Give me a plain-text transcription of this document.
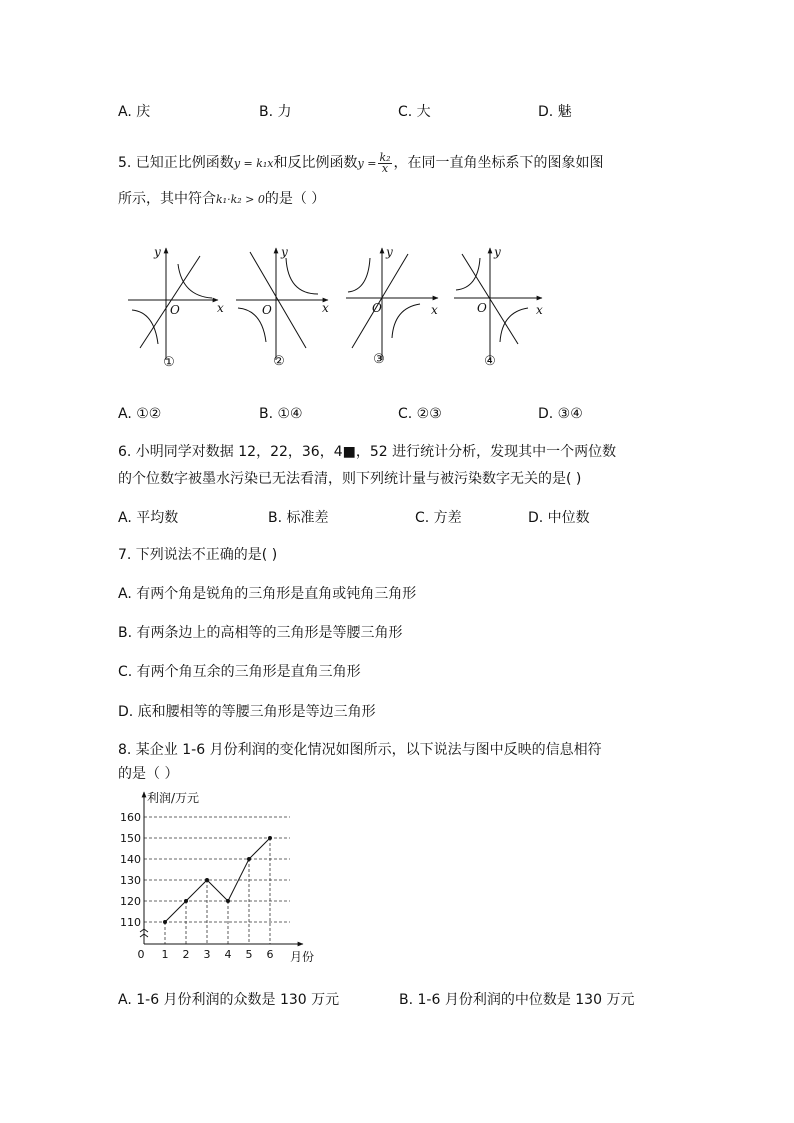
A. 庆	B. 力	C. 大	D. 魅
5. 已知正比例函数y = k₁x和反比例函数$y = \frac{\text{k₂}}{x}$ ，在同一直角坐标系下的图象如图
所示，其中符合k₁·k₂ > 0的是（ ）
y
x
O
y
x
O
y
x
O
y
x
O
①	②	③	④
A. ①②	B. ①④	C. ②③	D. ③④
6. 小明同学对数据 12，22，36，4■，52 进行统计分析，发现其中一个两位数
的个位数字被墨水污染已无法看清，则下列统计量与被污染数字无关的是( )
A. 平均数	B. 标准差	C. 方差	D. 中位数
7. 下列说法不正确的是( )
A. 有两个角是锐角的三角形是直角或钝角三角形
B. 有两条边上的高相等的三角形是等腰三角形
C. 有两个角互余的三角形是直角三角形
D. 底和腰相等的等腰三角形是等边三角形
8. 某企业 1-6 月份利润的变化情况如图所示，以下说法与图中反映的信息相符
的是（ ）
利润/万元
月份
0
110
120
130
140
150
160
1 2 3 4 5 6
A. 1-6 月份利润的众数是 130 万元	B. 1-6 月份利润的中位数是 130 万元
